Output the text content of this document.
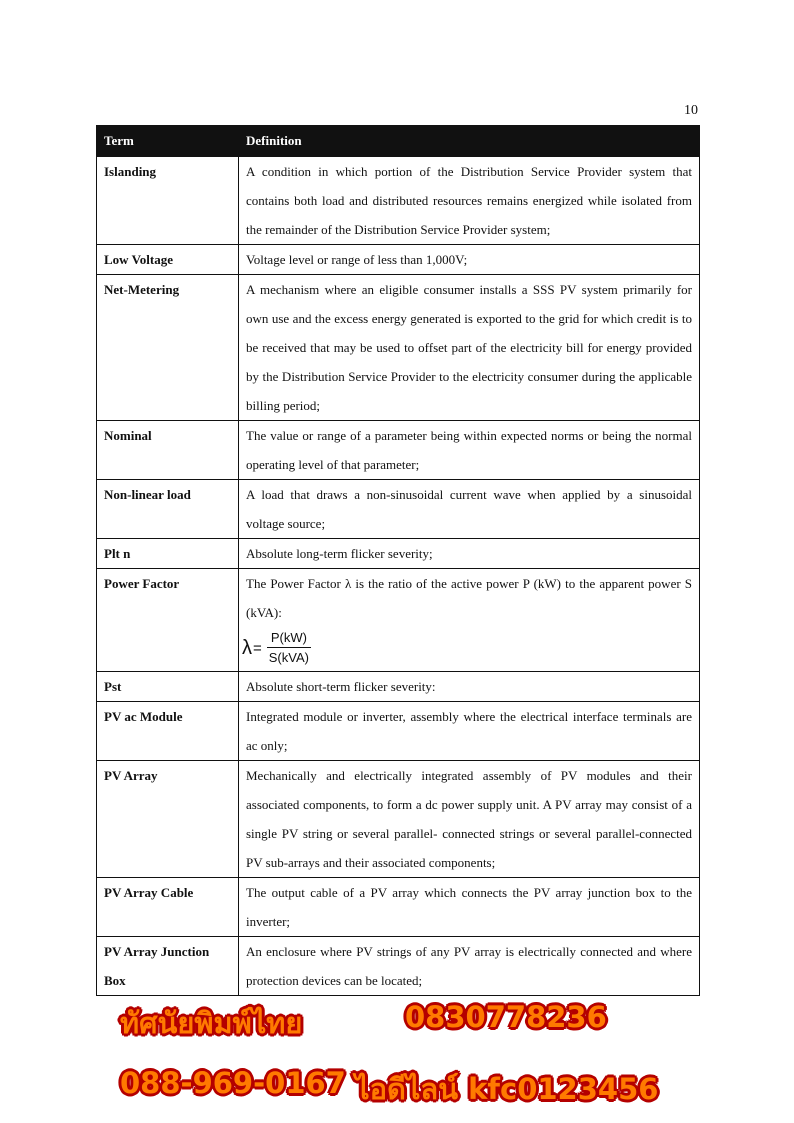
10
Term	Definition
Islanding	A condition in which portion of the Distribution Service Provider system that contains both load and distributed resources remains energized while isolated from the remainder of the Distribution Service Provider system;
Low Voltage	Voltage level or range of less than 1,000V;
Net-Metering	A mechanism where an eligible consumer installs a SSS PV system primarily for own use and the excess energy generated is exported to the grid for which credit is to be received that may be used to offset part of the electricity bill for energy provided by the Distribution Service Provider to the electricity consumer during the applicable billing period;
Nominal	The value or range of a parameter being within expected norms or being the normal operating level of that parameter;
Non-linear load	A load that draws a non-sinusoidal current wave when applied by a sinusoidal voltage source;
Plt n	Absolute long-term flicker severity;
Power Factor	The Power Factor λ is the ratio of the active power P (kW) to the apparent power S (kVA):
$\lambda = \frac{P(kW)}{\text{S(kVA)}}$

Pst	Absolute short-term flicker severity:
PV ac Module	Integrated module or inverter, assembly where the electrical interface terminals are ac only;
PV Array	Mechanically and electrically integrated assembly of PV modules and their associated components, to form a dc power supply unit. A PV array may consist of a single PV string or several parallel- connected strings or several parallel-connected PV sub-arrays and their associated components;
PV Array Cable	The output cable of a PV array which connects the PV array junction box to the inverter;
PV Array Junction Box	An enclosure where PV strings of any PV array is electrically connected and where protection devices can be located;
ทัศนัยพิมพ์ไทย	0830778236
088-969-0167 ไอดีไลน์ kfc0123456
